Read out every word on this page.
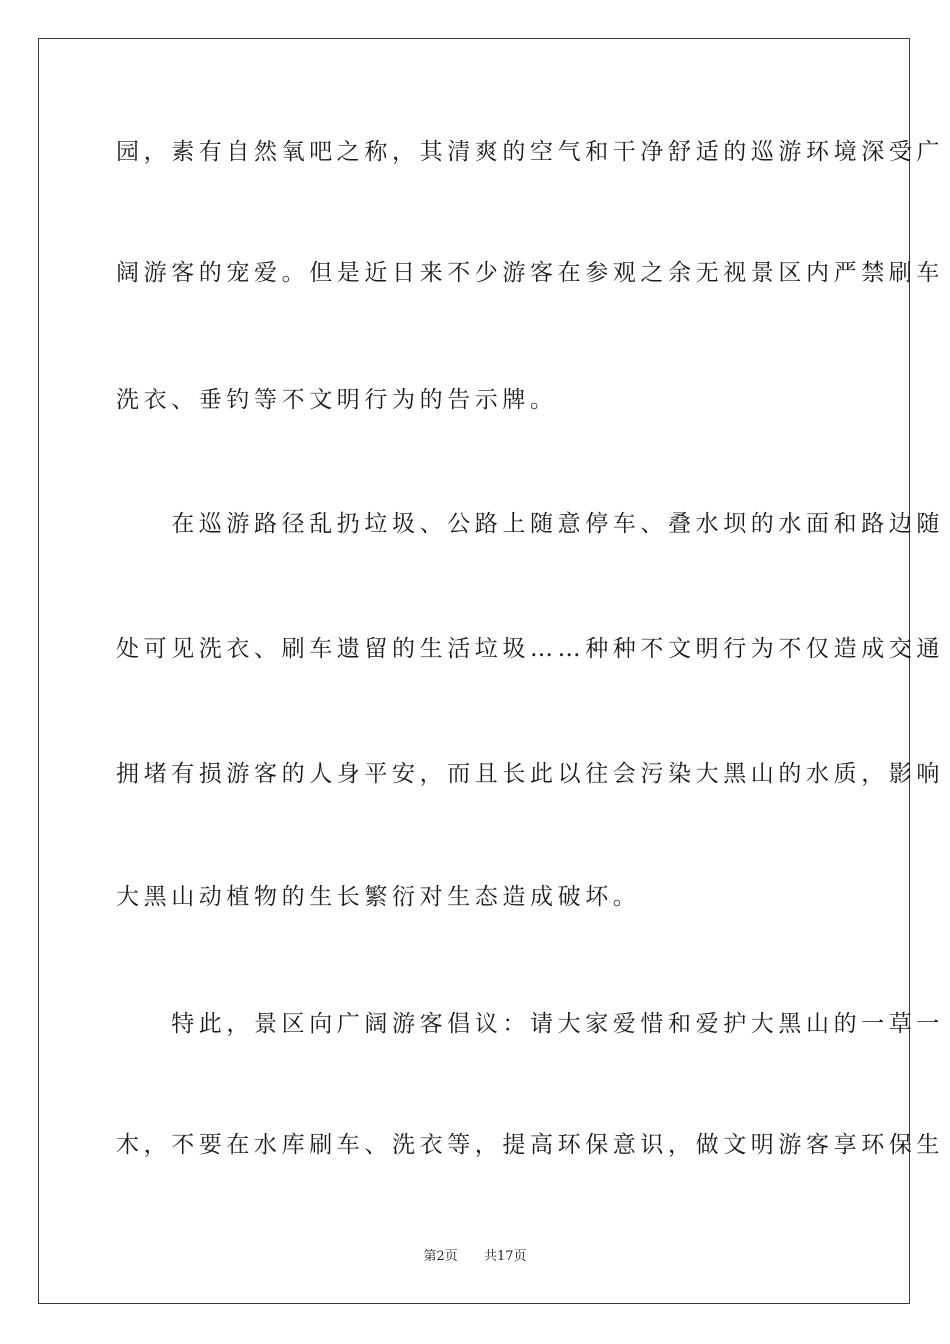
园，素有自然氧吧之称，其清爽的空气和干净舒适的巡游环境深受广
阔游客的宠爱。但是近日来不少游客在参观之余无视景区内严禁刷车
洗衣、垂钓等不文明行为的告示牌。
　　在巡游路径乱扔垃圾、公路上随意停车、叠水坝的水面和路边随
处可见洗衣、刷车遗留的生活垃圾……种种不文明行为不仅造成交通
拥堵有损游客的人身平安，而且长此以往会污染大黑山的水质，影响
大黑山动植物的生长繁衍对生态造成破坏。
　　特此，景区向广阔游客倡议：请大家爱惜和爱护大黑山的一草一
木，不要在水库刷车、洗衣等，提高环保意识，做文明游客享环保生
第2页 共17页
